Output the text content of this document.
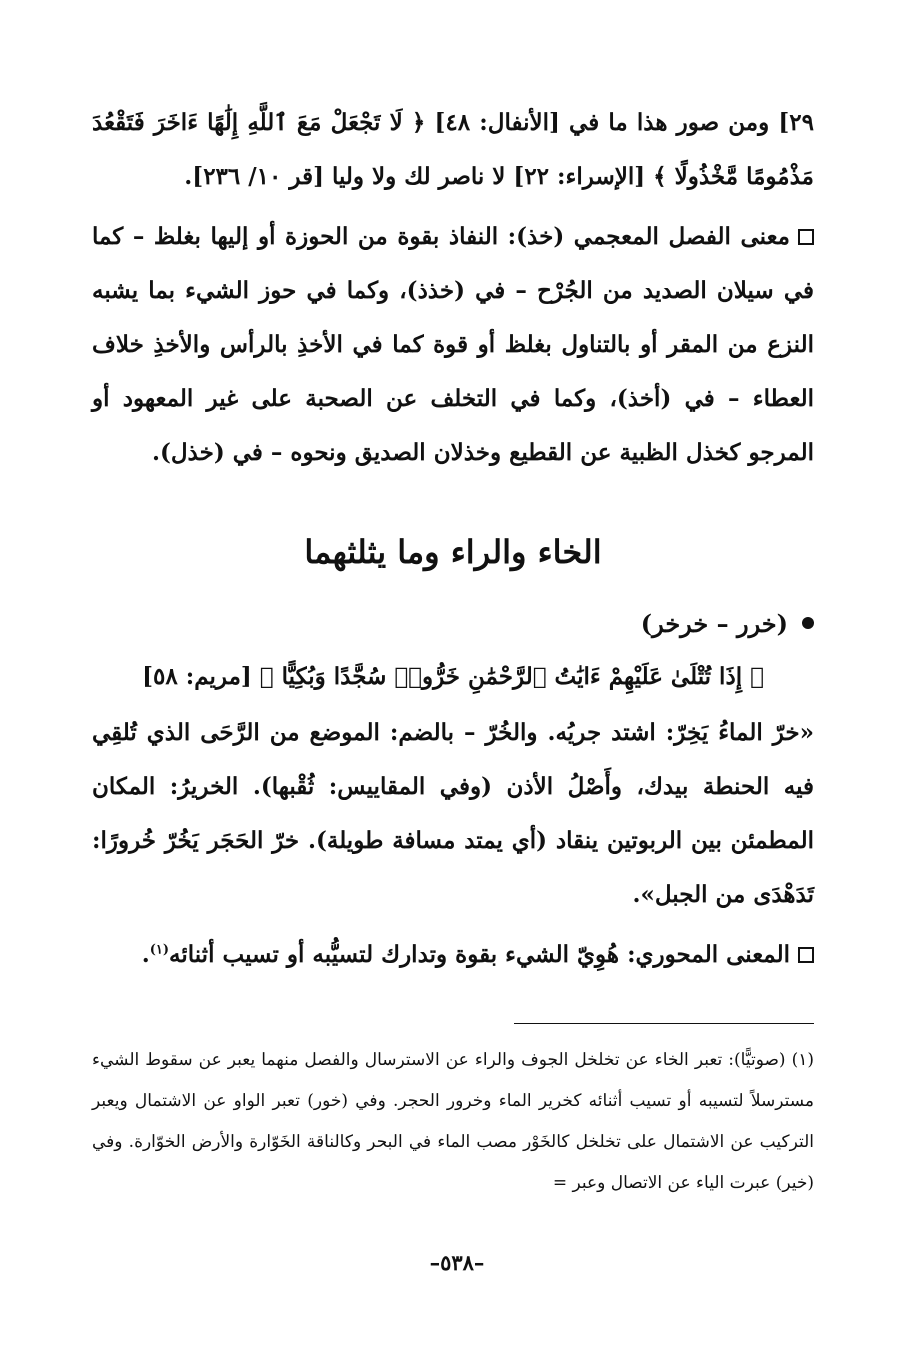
٢٩] ومن صور هذا ما في [الأنفال: ٤٨] ﴿ لَا تَجْعَلْ مَعَ ٱللَّهِ إِلَٰهًا ءَاخَرَ فَتَقْعُدَ مَذْمُومًا مَّخْذُولًا ﴾ [الإسراء: ٢٢] لا ناصر لك ولا وليا [قر ١٠/ ٢٣٦].

معنى الفصل المعجمي (خذ): النفاذ بقوة من الحوزة أو إليها بغلظ – كما في سيلان الصديد من الجُرْح – في (خذذ)، وكما في حوز الشيء بما يشبه النزع من المقر أو بالتناول بغلظ أو قوة كما في الأخذِ بالرأس والأخذِ خلاف العطاء – في (أخذ)، وكما في التخلف عن الصحبة على غير المعهود أو المرجو كخذل الظبية عن القطيع وخذلان الصديق ونحوه – في (خذل).

الخاء والراء وما يثلثهما

(خرر – خرخر)

﴿ إِذَا تُتْلَىٰ عَلَيْهِمْ ءَايَٰتُ ٱلرَّحْمَٰنِ خَرُّوا۟ سُجَّدًا وَبُكِيًّا ﴾ [مريم: ٥٨]

«خرّ الماءُ يَخِرّ: اشتد جريُه. والخُرّ – بالضم: الموضع من الرَّحَى الذي تُلقِي فيه الحنطة بيدك، وأَصْلُ الأذن (وفي المقاييس: ثُقْبها). الخريرُ: المكان المطمئن بين الربوتين ينقاد (أي يمتد مسافة طويلة). خرّ الحَجَر يَخُرّ خُرورًا: تَدَهْدَى من الجبل».

المعنى المحوري: هُوِيّ الشيء بقوة وتدارك لتسيُّبه أو تسيب أثنائه$^{(١)}$.

(١) (صوتيًّا): تعبر الخاء عن تخلخل الجوف والراء عن الاسترسال والفصل منهما يعبر عن سقوط الشيء مسترسلاً لتسيبه أو تسيب أثنائه كخرير الماء وخرور الحجر. وفي (خور) تعبر الواو عن الاشتمال ويعبر التركيب عن الاشتمال على تخلخل كالخَوْر مصب الماء في البحر وكالناقة الخَوّارة والأرض الخوّارة. وفي (خير) عبرت الياء عن الاتصال وعبر =

–٥٣٨–
